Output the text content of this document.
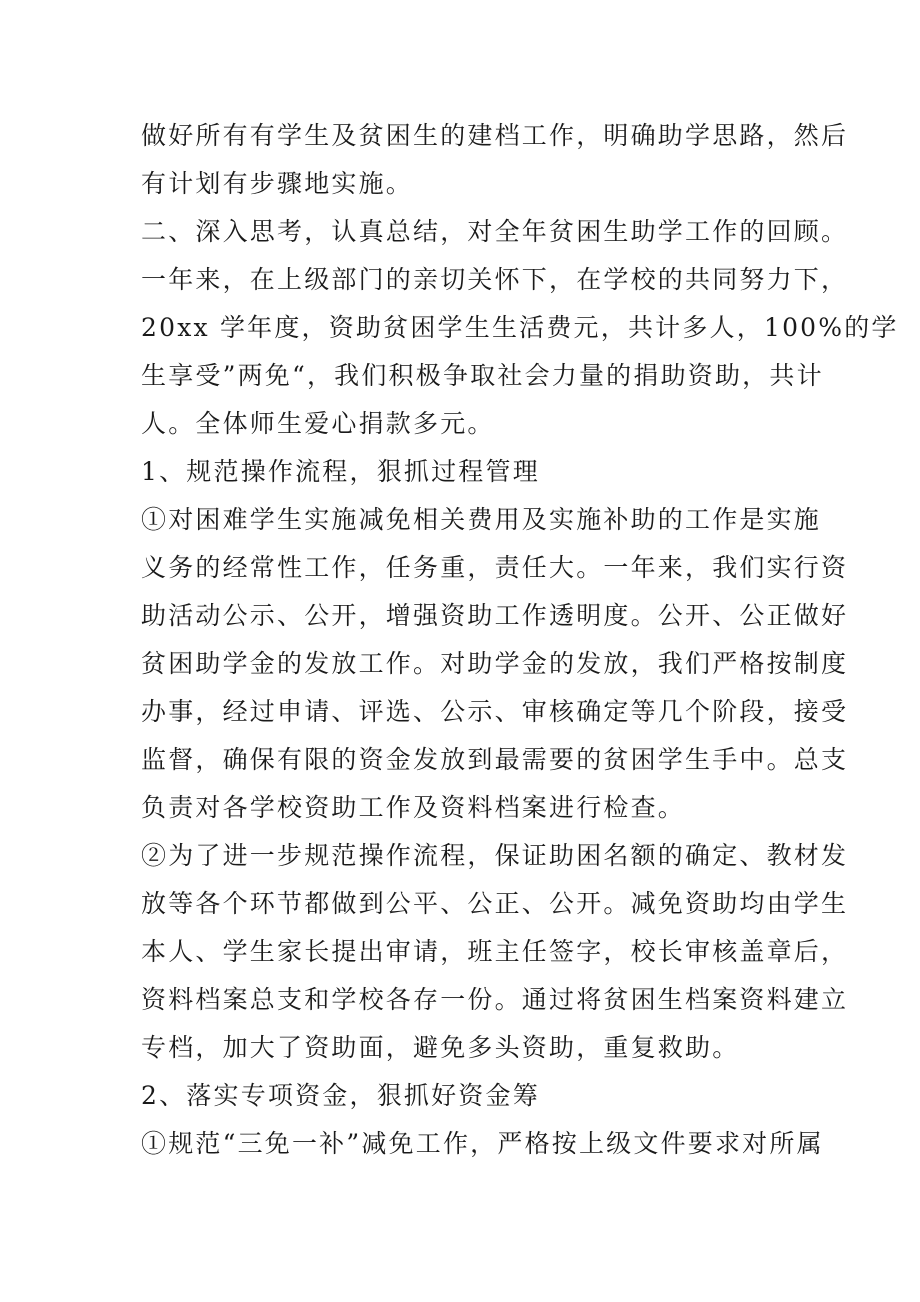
做好所有有学生及贫困生的建档工作，明确助学思路，然后
有计划有步骤地实施。
二、深入思考，认真总结，对全年贫困生助学工作的回顾。
一年来，在上级部门的亲切关怀下，在学校的共同努力下，
20xx 学年度，资助贫困学生生活费元，共计多人，100%的学
生享受”两免“，我们积极争取社会力量的捐助资助，共计
人。全体师生爱心捐款多元。
1、规范操作流程，狠抓过程管理
①对困难学生实施减免相关费用及实施补助的工作是实施
义务的经常性工作，任务重，责任大。一年来，我们实行资
助活动公示、公开，增强资助工作透明度。公开、公正做好
贫困助学金的发放工作。对助学金的发放，我们严格按制度
办事，经过申请、评选、公示、审核确定等几个阶段，接受
监督，确保有限的资金发放到最需要的贫困学生手中。总支
负责对各学校资助工作及资料档案进行检查。
②为了进一步规范操作流程，保证助困名额的确定、教材发
放等各个环节都做到公平、公正、公开。减免资助均由学生
本人、学生家长提出审请，班主任签字，校长审核盖章后，
资料档案总支和学校各存一份。通过将贫困生档案资料建立
专档，加大了资助面，避免多头资助，重复救助。
2、落实专项资金，狠抓好资金筹
①规范“三免一补”减免工作，严格按上级文件要求对所属
